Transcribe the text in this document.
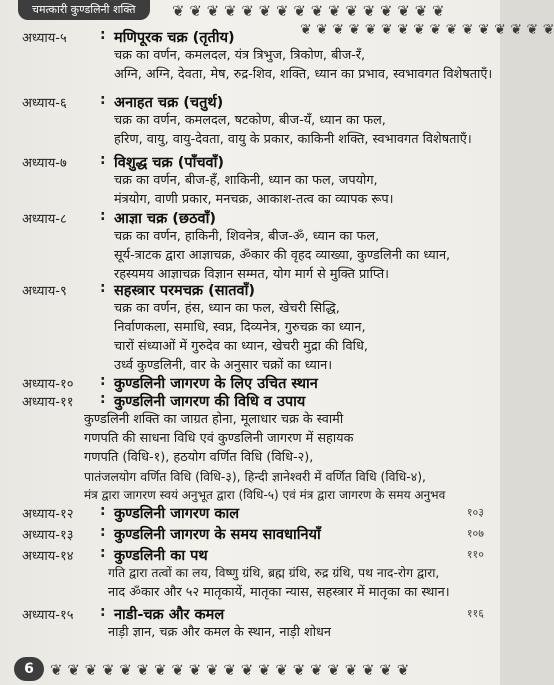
चमत्कारी कुण्डलिनी शक्ति	❦ ❦ ❦ ❦ ❦ ❦ ❦ ❦ ❦ ❦ ❦ ❦ ❦ ❦ ❦ ❦
❦ ❦ ❦ ❦ ❦ ❦ ❦ ❦ ❦ ❦ ❦ ❦ ❦ ❦ ❦ ❦
अध्याय-५ : मणिपूरक चक्र (तृतीय)
चक्र का वर्णन, कमलदल, यंत्र त्रिभुज, त्रिकोण, बीज-रँ,
अग्नि, अग्नि, देवता, मेष, रुद्र-शिव, शक्ति, ध्यान का प्रभाव, स्वभावगत विशेषताएँ।
अध्याय-६ : अनाहत चक्र (चतुर्थ)
चक्र का वर्णन, कमलदल, षटकोण, बीज-यँ, ध्यान का फल,
हरिण, वायु, वायु-देवता, वायु के प्रकार, काकिनी शक्ति, स्वभावगत विशेषताएँ।
अध्याय-७ : विशुद्ध चक्र (पाँचवाँ)
चक्र का वर्णन, बीज-हँ, शाकिनी, ध्यान का फल, जपयोग,
मंत्रयोग, वाणी प्रकार, मनचक्र, आकाश-तत्व का व्यापक रूप।
अध्याय-८ : आज्ञा चक्र (छठवाँ)
चक्र का वर्णन, हाकिनी, शिवनेत्र, बीज-ॐ, ध्यान का फल,
सूर्य-त्राटक द्वारा आज्ञाचक्र, ॐकार की वृहद व्याख्या, कुण्डलिनी का ध्यान,
रहस्यमय आज्ञाचक्र विज्ञान सम्मत, योग मार्ग से मुक्ति प्राप्ति।
अध्याय-९ : सहस्त्रार परमचक्र (सातवाँ)
चक्र का वर्णन, हंस, ध्यान का फल, खेचरी सिद्धि,
निर्वाणकला, समाधि, स्वप्न, दिव्यनेत्र, गुरुचक्र का ध्यान,
चारों संध्याओं में गुरुदेव का ध्यान, खेचरी मुद्रा की विधि,
उर्ध्व कुण्डलिनी, वार के अनुसार चक्रों का ध्यान।
अध्याय-१० : कुण्डलिनी जागरण के लिए उचित स्थान
अध्याय-११ : कुण्डलिनी जागरण की विधि व उपाय
कुण्डलिनी शक्ति का जाग्रत होना, मूलाधार चक्र के स्वामी
गणपति की साधना विधि एवं कुण्डलिनी जागरण में सहायक
गणपति (विधि-१), हठयोग वर्णित विधि (विधि-२),
पातंजलयोग वर्णित विधि (विधि-३), हिन्दी ज्ञानेश्वरी में वर्णित विधि (विधि-४),
मंत्र द्वारा जागरण स्वयं अनुभूत द्वारा (विधि-५) एवं मंत्र द्वारा जागरण के समय अनुभव
अध्याय-१२ : कुण्डलिनी जागरण काल	१०३
अध्याय-१३ : कुण्डलिनी जागरण के समय सावधानियाँ	१०७
अध्याय-१४ : कुण्डलिनी का पथ	११०
गति द्वारा तत्वों का लय, विष्णु ग्रंथि, ब्रह्म ग्रंथि, रुद्र ग्रंथि, पथ नाद-रोग द्वारा,
नाद ॐकार और ५२ मातृकायें, मातृका न्यास, सहस्त्रार में मातृका का स्थान।
अध्याय-१५ : नाडी-चक्र और कमल	११६
नाड़ी ज्ञान, चक्र और कमल के स्थान, नाड़ी शोधन
6	❦ ❦ ❦ ❦ ❦ ❦ ❦ ❦ ❦ ❦ ❦ ❦ ❦ ❦ ❦ ❦ ❦ ❦ ❦ ❦ ❦
